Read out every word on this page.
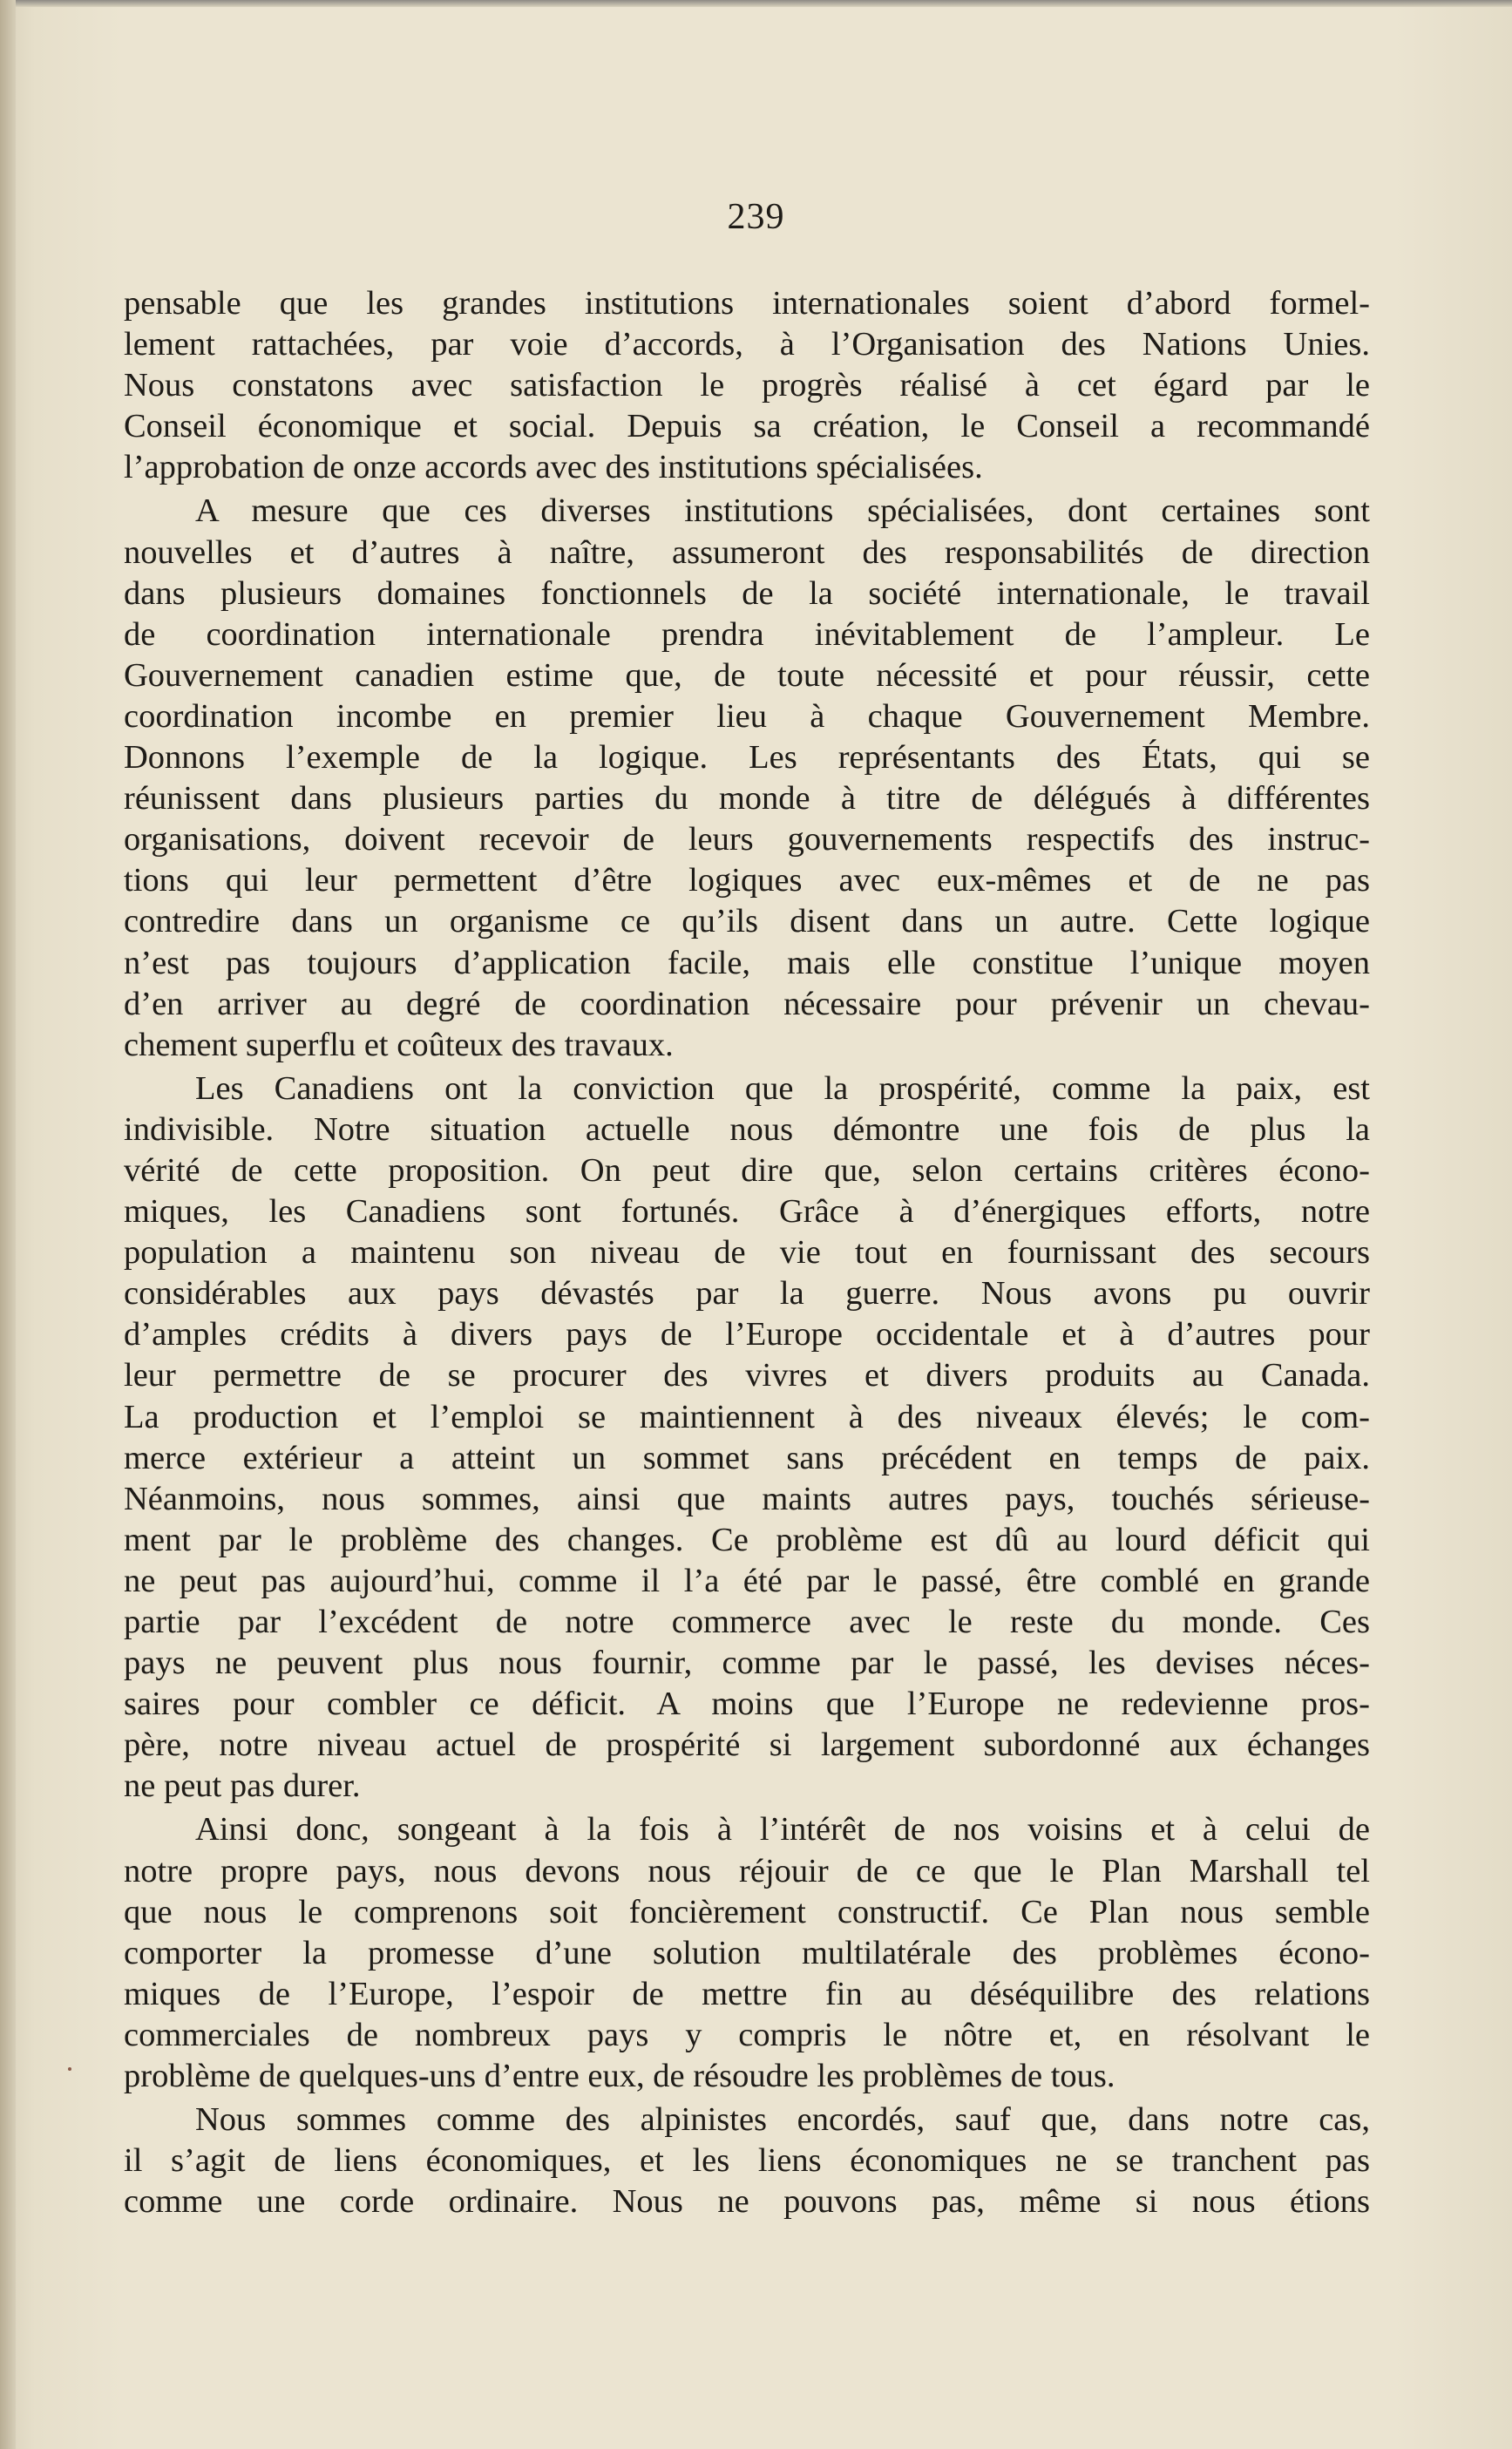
239
pensable que les grandes institutions internationales soient d’abord formel-
lement rattachées, par voie d’accords, à l’Organisation des Nations Unies.
Nous constatons avec satisfaction le progrès réalisé à cet égard par le
Conseil économique et social. Depuis sa création, le Conseil a recommandé
l’approbation de onze accords avec des institutions spécialisées.
A mesure que ces diverses institutions spécialisées, dont certaines sont
nouvelles et d’autres à naître, assumeront des responsabilités de direction
dans plusieurs domaines fonctionnels de la société internationale, le travail
de coordination internationale prendra inévitablement de l’ampleur. Le
Gouvernement canadien estime que, de toute nécessité et pour réussir, cette
coordination incombe en premier lieu à chaque Gouvernement Membre.
Donnons l’exemple de la logique. Les représentants des États, qui se
réunissent dans plusieurs parties du monde à titre de délégués à différentes
organisations, doivent recevoir de leurs gouvernements respectifs des instruc-
tions qui leur permettent d’être logiques avec eux-mêmes et de ne pas
contredire dans un organisme ce qu’ils disent dans un autre. Cette logique
n’est pas toujours d’application facile, mais elle constitue l’unique moyen
d’en arriver au degré de coordination nécessaire pour prévenir un chevau-
chement superflu et coûteux des travaux.
Les Canadiens ont la conviction que la prospérité, comme la paix, est
indivisible. Notre situation actuelle nous démontre une fois de plus la
vérité de cette proposition. On peut dire que, selon certains critères écono-
miques, les Canadiens sont fortunés. Grâce à d’énergiques efforts, notre
population a maintenu son niveau de vie tout en fournissant des secours
considérables aux pays dévastés par la guerre. Nous avons pu ouvrir
d’amples crédits à divers pays de l’Europe occidentale et à d’autres pour
leur permettre de se procurer des vivres et divers produits au Canada.
La production et l’emploi se maintiennent à des niveaux élevés; le com-
merce extérieur a atteint un sommet sans précédent en temps de paix.
Néanmoins, nous sommes, ainsi que maints autres pays, touchés sérieuse-
ment par le problème des changes. Ce problème est dû au lourd déficit qui
ne peut pas aujourd’hui, comme il l’a été par le passé, être comblé en grande
partie par l’excédent de notre commerce avec le reste du monde. Ces
pays ne peuvent plus nous fournir, comme par le passé, les devises néces-
saires pour combler ce déficit. A moins que l’Europe ne redevienne pros-
père, notre niveau actuel de prospérité si largement subordonné aux échanges
ne peut pas durer.
Ainsi donc, songeant à la fois à l’intérêt de nos voisins et à celui de
notre propre pays, nous devons nous réjouir de ce que le Plan Marshall tel
que nous le comprenons soit foncièrement constructif. Ce Plan nous semble
comporter la promesse d’une solution multilatérale des problèmes écono-
miques de l’Europe, l’espoir de mettre fin au déséquilibre des relations
commerciales de nombreux pays y compris le nôtre et, en résolvant le
problème de quelques-uns d’entre eux, de résoudre les problèmes de tous.
Nous sommes comme des alpinistes encordés, sauf que, dans notre cas,
il s’agit de liens économiques, et les liens économiques ne se tranchent pas
comme une corde ordinaire. Nous ne pouvons pas, même si nous étions
